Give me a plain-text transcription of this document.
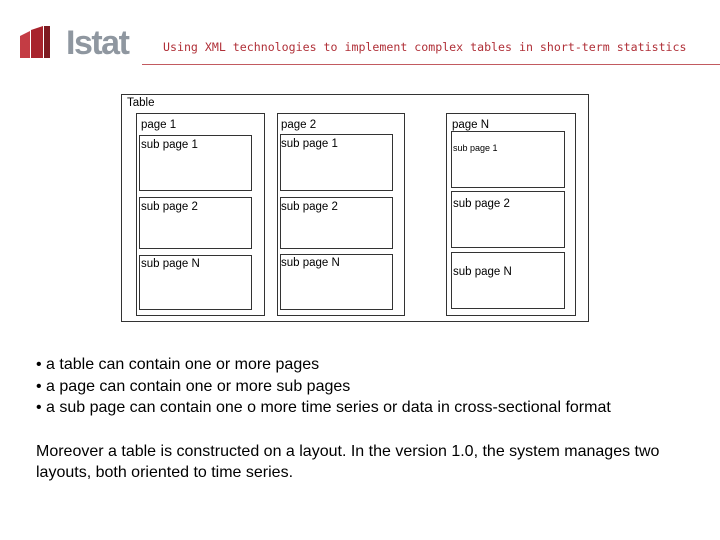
Istat	Using XML technologies to implement complex tables in short-term statistics
Table
page 1
sub page 1
sub page 2
sub page N
page 2
sub page 1
sub page 2
sub page N
page N
sub page 1
sub page 2
sub page N
• a table can contain one or more pages
• a page can contain one or more sub pages
• a sub page can contain one o more time series or data in cross-sectional format
Moreover a table is constructed on a layout. In the version 1.0, the system manages two layouts, both oriented to time series.
